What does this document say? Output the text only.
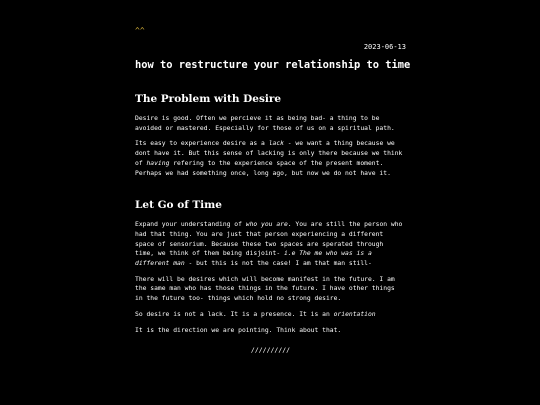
^^
2023-06-13
how to restructure your relationship to time
The Problem with Desire

Desire is good. Often we percieve it as being bad- a thing to be avoided or mastered. Especially for those of us on a spiritual path.

Its easy to experience desire as a lack - we want a thing because we dont have it. But this sense of lacking is only there because we think of having refering to the experience space of the present moment. Perhaps we had something once, long ago, but now we do not have it.

Let Go of Time

Expand your understanding of who you are. You are still the person who had that thing. You are just that person experiencing a different space of sensorium. Because these two spaces are sperated through time, we think of them being disjoint- i.e The me who was is a different man - but this is not the case! I am that man still-

There will be desires which will become manifest in the future. I am the same man who has those things in the future. I have other things in the future too- things which hold no strong desire.

So desire is not a lack. It is a presence. It is an orientation

It is the direction we are pointing. Think about that.

//////////
